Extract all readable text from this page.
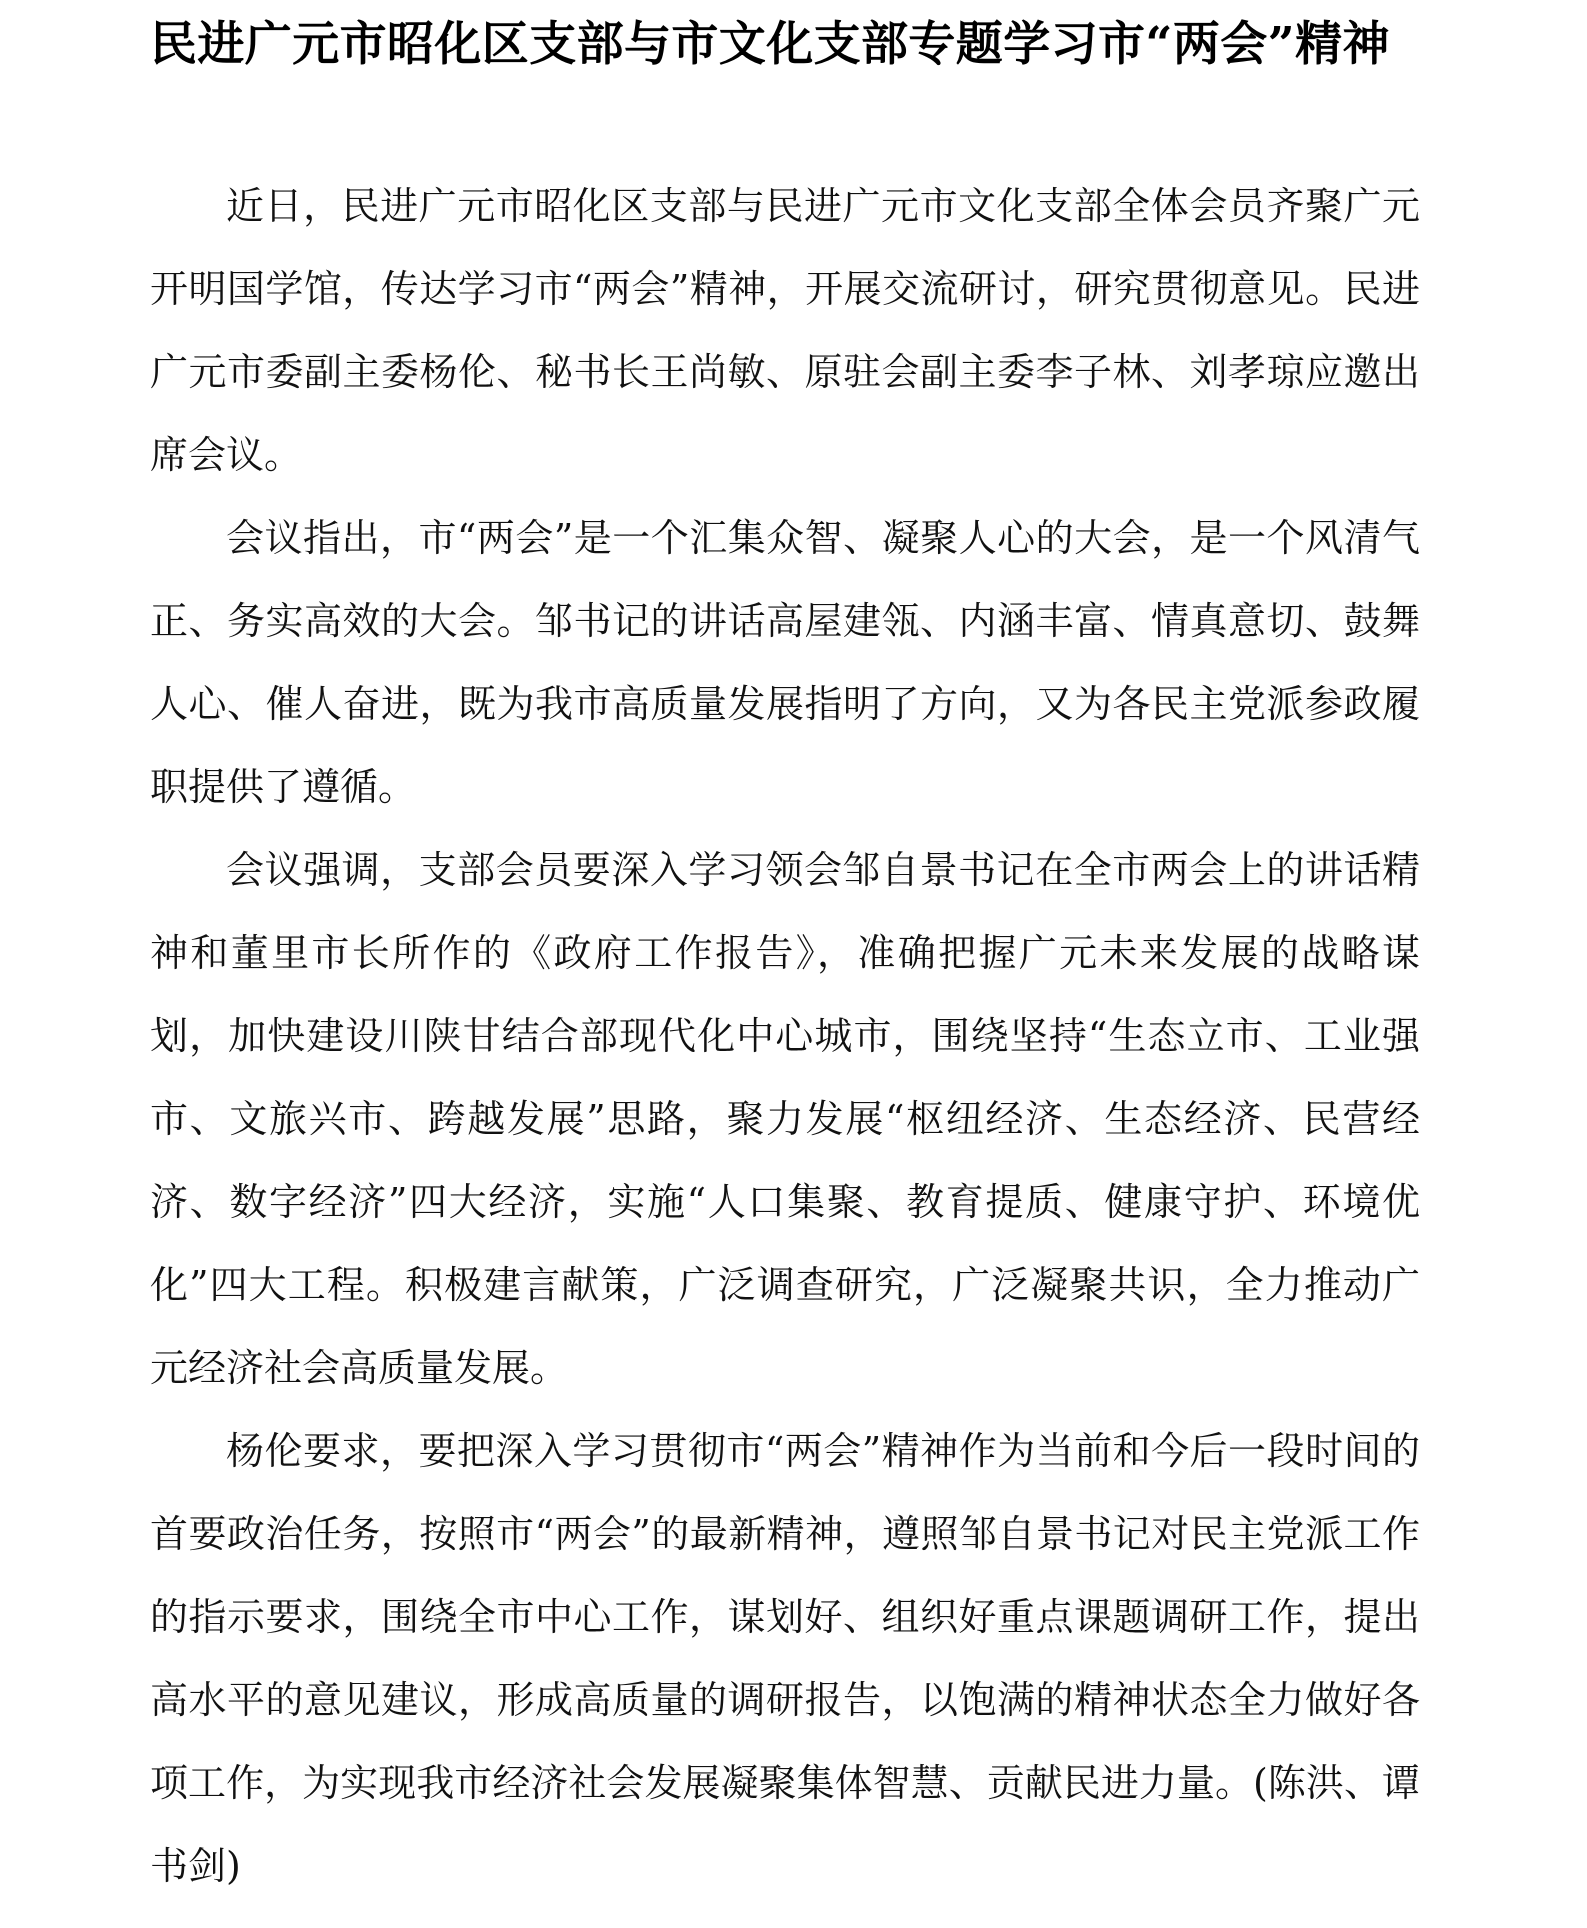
民进广元市昭化区支部与市文化支部专题学习市“两会”精神

近日，民进广元市昭化区支部与民进广元市文化支部全体会员齐聚广元开明国学馆，传达学习市“两会”精神，开展交流研讨，研究贯彻意见。民进广元市委副主委杨伦、秘书长王尚敏、原驻会副主委李子林、刘孝琼应邀出席会议。

会议指出，市“两会”是一个汇集众智、凝聚人心的大会，是一个风清气正、务实高效的大会。邹书记的讲话高屋建瓴、内涵丰富、情真意切、鼓舞人心、催人奋进，既为我市高质量发展指明了方向，又为各民主党派参政履职提供了遵循。

会议强调，支部会员要深入学习领会邹自景书记在全市两会上的讲话精神和董里市长所作的《政府工作报告》，准确把握广元未来发展的战略谋划，加快建设川陕甘结合部现代化中心城市，围绕坚持“生态立市、工业强市、文旅兴市、跨越发展”思路，聚力发展“枢纽经济、生态经济、民营经济、数字经济”四大经济，实施“人口集聚、教育提质、健康守护、环境优化”四大工程。积极建言献策，广泛调查研究，广泛凝聚共识，全力推动广元经济社会高质量发展。

杨伦要求，要把深入学习贯彻市“两会”精神作为当前和今后一段时间的首要政治任务，按照市“两会”的最新精神，遵照邹自景书记对民主党派工作的指示要求，围绕全市中心工作，谋划好、组织好重点课题调研工作，提出高水平的意见建议，形成高质量的调研报告，以饱满的精神状态全力做好各项工作，为实现我市经济社会发展凝聚集体智慧、贡献民进力量。(陈洪、谭书剑)
